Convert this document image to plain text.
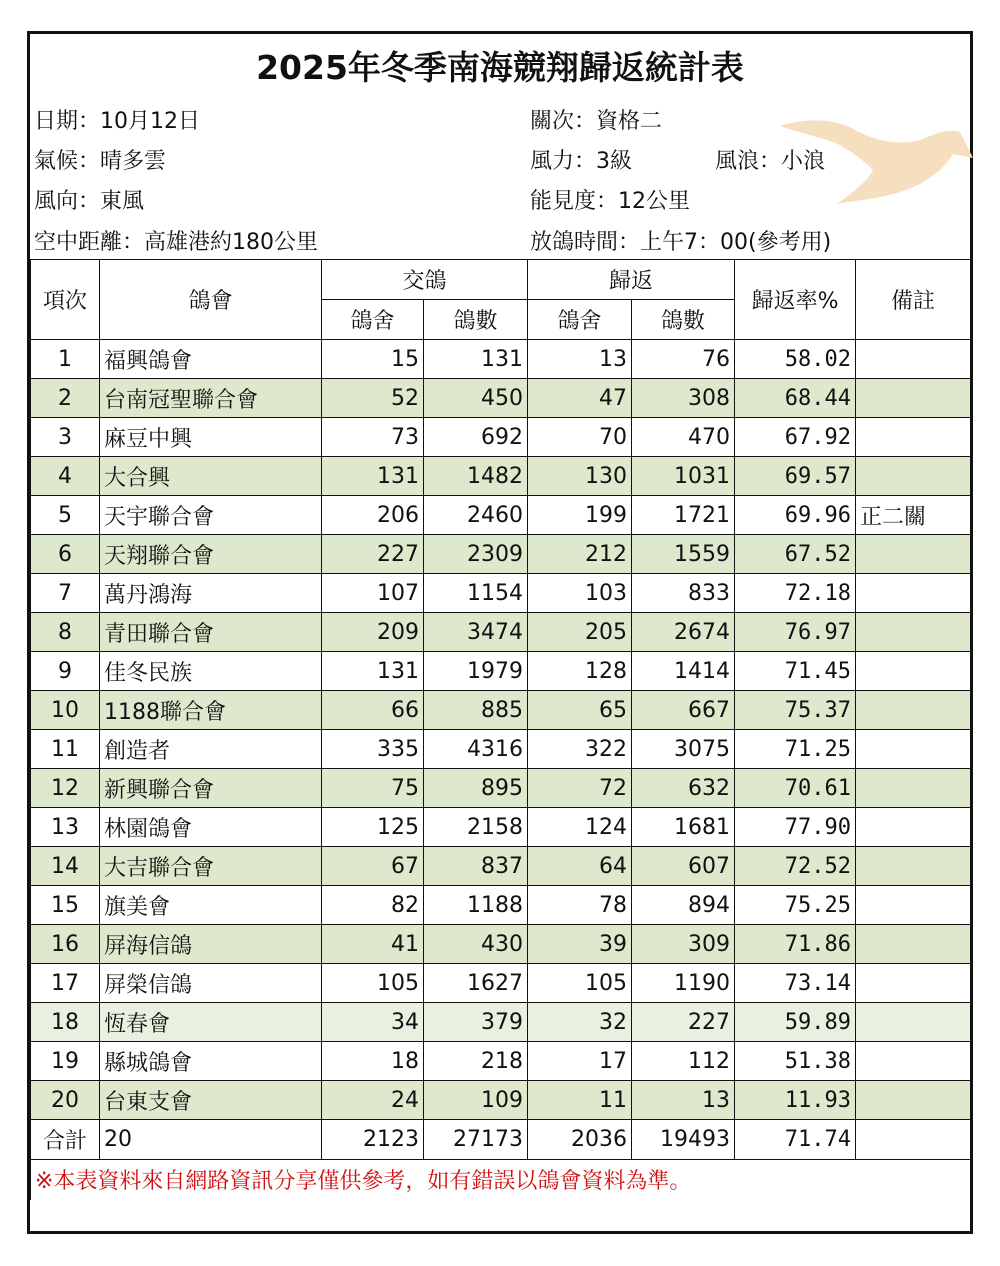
2025年冬季南海競翔歸返統計表
日期：10月12日
氣候：晴多雲
風向：東風
空中距離：高雄港約180公里
關次：資格二
風力：3級	風浪：小浪
能見度：12公里
放鴿時間：上午7：00(參考用)
項次	鴿會	交鴿		歸返		歸返率%	備註
		鴿舍	鴿數	鴿舍	鴿數		
1	福興鴿會	15	131	13	76	58.02	
2	台南冠聖聯合會	52	450	47	308	68.44	
3	麻豆中興	73	692	70	470	67.92	
4	大合興	131	1482	130	1031	69.57	
5	天宇聯合會	206	2460	199	1721	69.96	正二關
6	天翔聯合會	227	2309	212	1559	67.52	
7	萬丹鴻海	107	1154	103	833	72.18	
8	青田聯合會	209	3474	205	2674	76.97	
9	佳冬民族	131	1979	128	1414	71.45	
10	1188聯合會	66	885	65	667	75.37	
11	創造者	335	4316	322	3075	71.25	
12	新興聯合會	75	895	72	632	70.61	
13	林園鴿會	125	2158	124	1681	77.90	
14	大吉聯合會	67	837	64	607	72.52	
15	旗美會	82	1188	78	894	75.25	
16	屏海信鴿	41	430	39	309	71.86	
17	屏榮信鴿	105	1627	105	1190	73.14	
18	恆春會	34	379	32	227	59.89	
19	縣城鴿會	18	218	17	112	51.38	
20	台東支會	24	109	11	13	11.93	
合計	20	2123	27173	2036	19493	71.74	
※本表資料來自網路資訊分享僅供參考，如有錯誤以鴿會資料為準。							
